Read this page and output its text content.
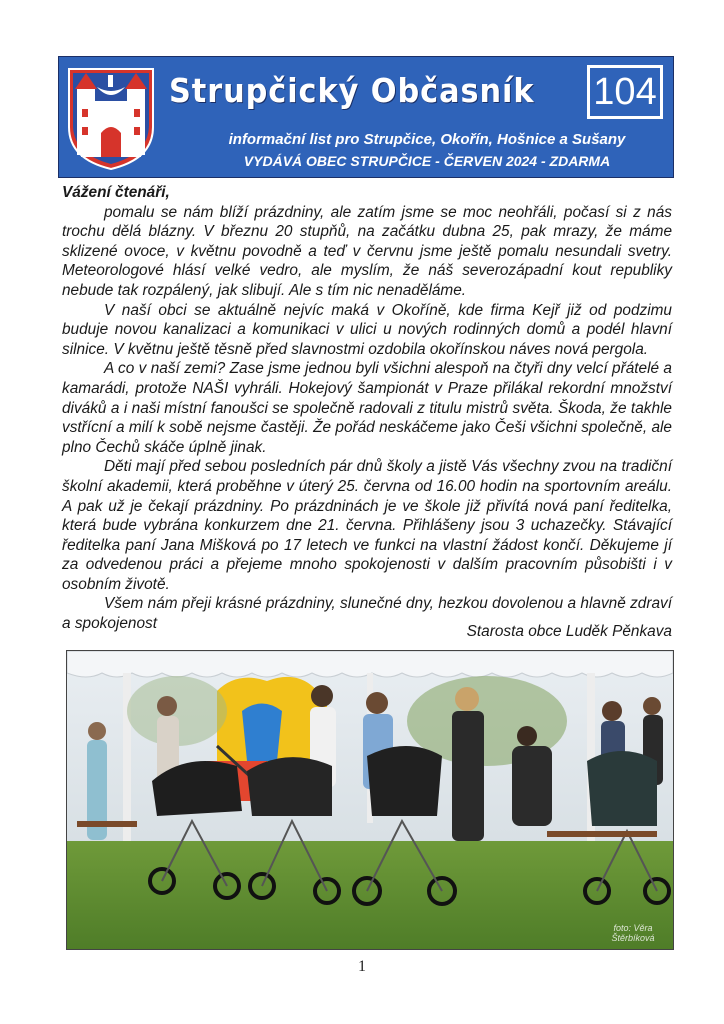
Strupčický Občasník 104
informační list pro Strupčice, Okořín, Hošnice a Sušany
VYDÁVÁ OBEC STRUPČICE - ČERVEN 2024 - ZDARMA

Vážení čtenáři,

pomalu se nám blíží prázdniny, ale zatím jsme se moc neohřáli, počasí si z nás trochu dělá blázny. V březnu 20 stupňů, na začátku dubna 25, pak mrazy, že máme sklizené ovoce, v květnu povodně a teď v červnu jsme ještě pomalu nesundali svetry. Meteorologové hlásí velké vedro, ale myslím, že náš severozápadní kout republiky nebude tak rozpálený, jak slibují. Ale s tím nic nenaděláme.

V naší obci se aktuálně nejvíc maká v Okoříně, kde firma Kejř již od podzimu buduje novou kanalizaci a komunikaci v ulici u nových rodinných domů a podél hlavní silnice. V květnu ještě těsně před slavnostmi ozdobila okořínskou náves nová pergola.

A co v naší zemi? Zase jsme jednou byli všichni alespoň na čtyři dny velcí přátelé a kamarádi, protože NAŠI vyhráli. Hokejový šampionát v Praze přilákal rekordní množství diváků a i naši místní fanoušci se společně radovali z titulu mistrů světa. Škoda, že takhle vstřícní a milí k sobě nejsme častěji. Že pořád neskáčeme jako Češi všichni společně, ale plno Čechů skáče úplně jinak.

Děti mají před sebou posledních pár dnů školy a jistě Vás všechny zvou na tradiční školní akademii, která proběhne v úterý 25. června od 16.00 hodin na sportovním areálu. A pak už je čekají prázdniny. Po prázdninách je ve škole již přivítá nová paní ředitelka, která bude vybrána konkurzem dne 21. června. Přihlášeny jsou 3 uchazečky. Stávající ředitelka paní Jana Mišková po 17 letech ve funkci na vlastní žádost končí. Děkujeme jí za odvedenou práci a přejeme mnoho spokojenosti v dalším pracovním působišti i v osobním životě.

Všem nám přeji krásné prázdniny, slunečné dny, hezkou dovolenou a hlavně zdraví a spokojenost	Starosta obce Luděk Pěnkava
foto: Věra Štěrbíková
1
